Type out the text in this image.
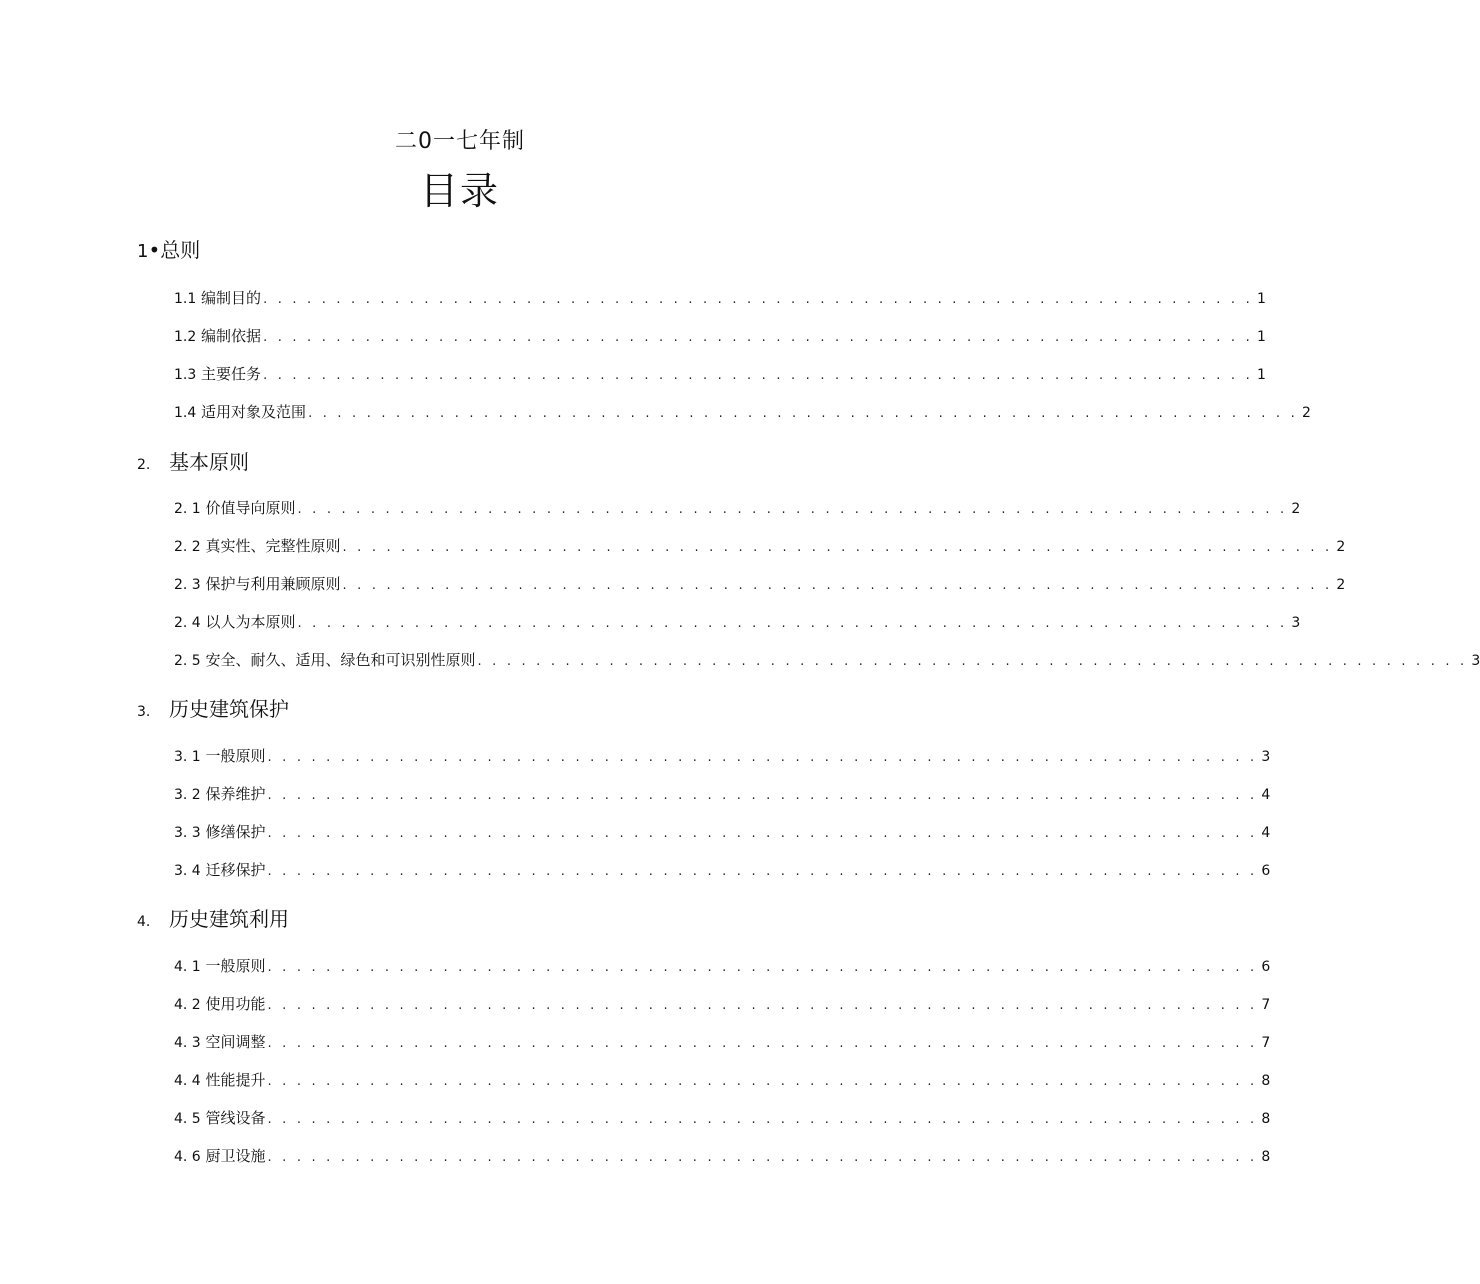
二0一七年制
目录
1•总则
1.1 编制目的 . . . . . . . . . . . . . . . . . . . . . . . . . . . . . . . . . . . . . . . . . . . . . . . . . . . . . . . . . . . . . . . . . . . . 1
1.2 编制依据 . . . . . . . . . . . . . . . . . . . . . . . . . . . . . . . . . . . . . . . . . . . . . . . . . . . . . . . . . . . . . . . . . . . . 1
1.3 主要任务 . . . . . . . . . . . . . . . . . . . . . . . . . . . . . . . . . . . . . . . . . . . . . . . . . . . . . . . . . . . . . . . . . . . . 1
1.4 适用对象及范围 . . . . . . . . . . . . . . . . . . . . . . . . . . . . . . . . . . . . . . . . . . . . . . . . . . . . . . . . . . . . . . . . . . . . 2
2. 基本原则
2. 1 价值导向原则 . . . . . . . . . . . . . . . . . . . . . . . . . . . . . . . . . . . . . . . . . . . . . . . . . . . . . . . . . . . . . . . . . . . . 2
2. 2 真实性、完整性原则 . . . . . . . . . . . . . . . . . . . . . . . . . . . . . . . . . . . . . . . . . . . . . . . . . . . . . . . . . . . . . . . . . . . . 2
2. 3 保护与利用兼顾原则 . . . . . . . . . . . . . . . . . . . . . . . . . . . . . . . . . . . . . . . . . . . . . . . . . . . . . . . . . . . . . . . . . . . . 2
2. 4 以人为本原则 . . . . . . . . . . . . . . . . . . . . . . . . . . . . . . . . . . . . . . . . . . . . . . . . . . . . . . . . . . . . . . . . . . . . 3
2. 5 安全、耐久、适用、绿色和可识别性原则 . . . . . . . . . . . . . . . . . . . . . . . . . . . . . . . . . . . . . . . . . . . . . . . . . . . . . . . . . . . . . . . . . . . . 3
3. 历史建筑保护
3. 1 一般原则 . . . . . . . . . . . . . . . . . . . . . . . . . . . . . . . . . . . . . . . . . . . . . . . . . . . . . . . . . . . . . . . . . . . . 3
3. 2 保养维护 . . . . . . . . . . . . . . . . . . . . . . . . . . . . . . . . . . . . . . . . . . . . . . . . . . . . . . . . . . . . . . . . . . . . 4
3. 3 修缮保护 . . . . . . . . . . . . . . . . . . . . . . . . . . . . . . . . . . . . . . . . . . . . . . . . . . . . . . . . . . . . . . . . . . . . 4
3. 4 迁移保护 . . . . . . . . . . . . . . . . . . . . . . . . . . . . . . . . . . . . . . . . . . . . . . . . . . . . . . . . . . . . . . . . . . . . 6
4. 历史建筑利用
4. 1 一般原则 . . . . . . . . . . . . . . . . . . . . . . . . . . . . . . . . . . . . . . . . . . . . . . . . . . . . . . . . . . . . . . . . . . . . 6
4. 2 使用功能 . . . . . . . . . . . . . . . . . . . . . . . . . . . . . . . . . . . . . . . . . . . . . . . . . . . . . . . . . . . . . . . . . . . . 7
4. 3 空间调整 . . . . . . . . . . . . . . . . . . . . . . . . . . . . . . . . . . . . . . . . . . . . . . . . . . . . . . . . . . . . . . . . . . . . 7
4. 4 性能提升 . . . . . . . . . . . . . . . . . . . . . . . . . . . . . . . . . . . . . . . . . . . . . . . . . . . . . . . . . . . . . . . . . . . . 8
4. 5 管线设备 . . . . . . . . . . . . . . . . . . . . . . . . . . . . . . . . . . . . . . . . . . . . . . . . . . . . . . . . . . . . . . . . . . . . 8
4. 6 厨卫设施 . . . . . . . . . . . . . . . . . . . . . . . . . . . . . . . . . . . . . . . . . . . . . . . . . . . . . . . . . . . . . . . . . . . . 8
